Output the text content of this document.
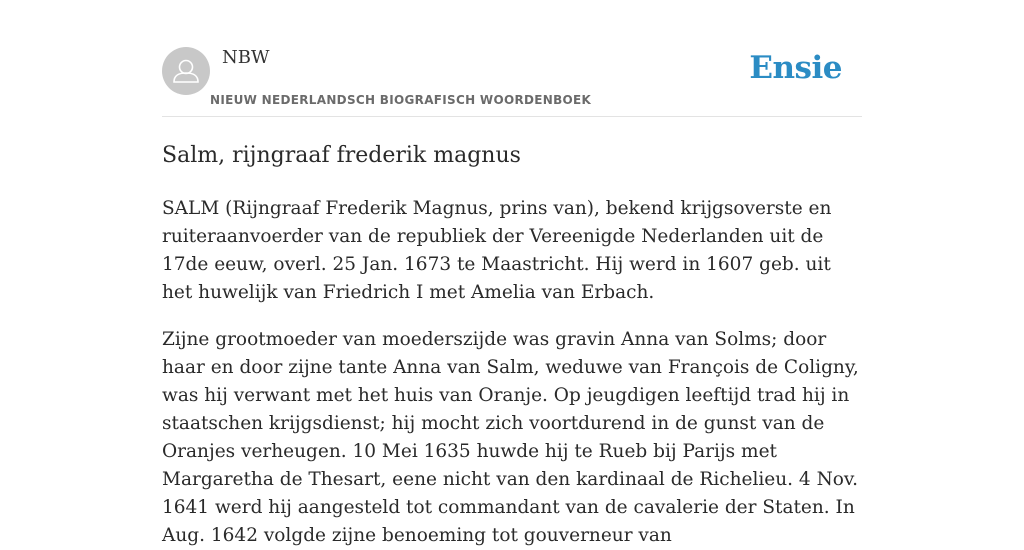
NBW
NIEUW NEDERLANDSCH BIOGRAFISCH WOORDENBOEK
Ensie
Salm, rijngraaf frederik magnus

SALM (Rijngraaf Frederik Magnus, prins van), bekend krijgsoverste en ruiteraanvoerder van de republiek der Vereenigde Nederlanden uit de 17de eeuw, overl. 25 Jan. 1673 te Maastricht. Hij werd in 1607 geb. uit het huwelijk van Friedrich I met Amelia van Erbach.

Zijne grootmoeder van moederszijde was gravin Anna van Solms; door haar en door zijne tante Anna van Salm, weduwe van François de Coligny, was hij verwant met het huis van Oranje. Op jeugdigen leeftijd trad hij in staatschen krijgsdienst; hij mocht zich voortdurend in de gunst van de Oranjes verheugen. 10 Mei 1635 huwde hij te Rueb bij Parijs met Margaretha de Thesart, eene nicht van den kardinaal de Richelieu. 4 Nov. 1641 werd hij aangesteld tot commandant van de cavalerie der Staten. In Aug. 1642 volgde zijne benoeming tot gouverneur van
